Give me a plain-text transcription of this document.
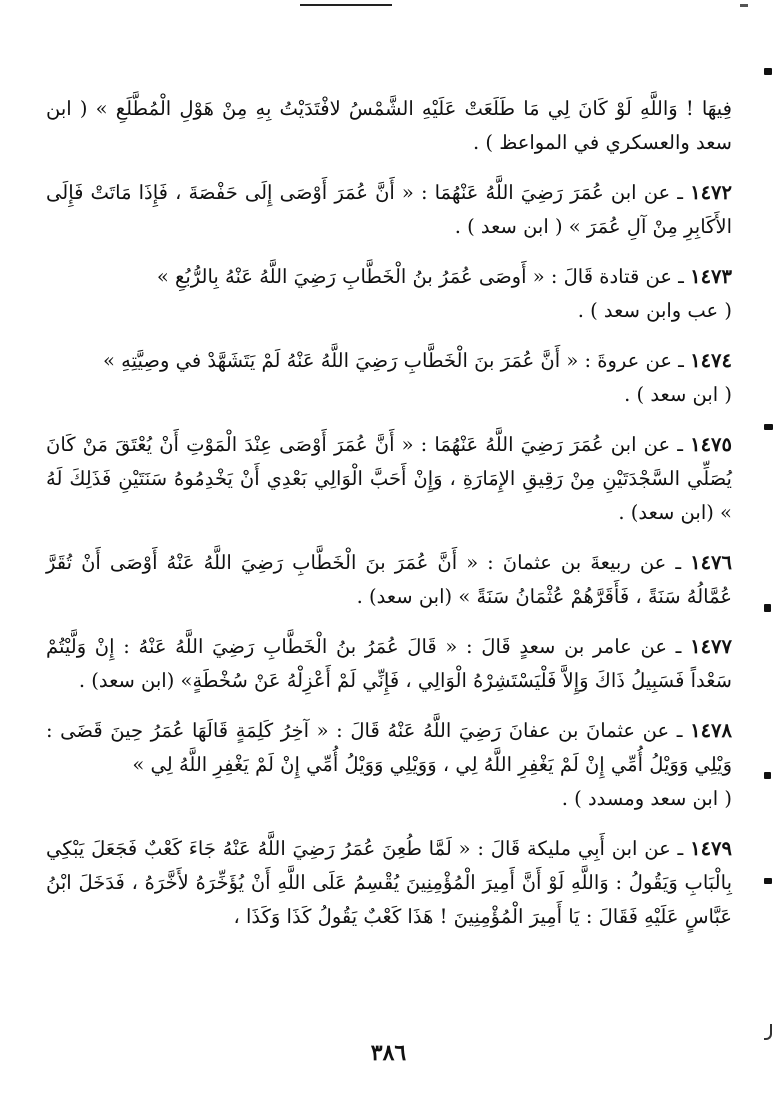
فِيهَا ! وَاللَّهِ لَوْ كَانَ لِي مَا طَلَعَتْ عَلَيْهِ الشَّمْسُ لافْتَدَيْتُ بِهِ مِنْ هَوْلِ الْمُطَّلَعِ » ( ابن سعد والعسكري في المواعظ ) .

١٤٧٢ ـ عن ابن عُمَرَ رَضِيَ اللَّهُ عَنْهُمَا : « أَنَّ عُمَرَ أَوْصَى إِلَى حَفْصَةَ ، فَإِذَا مَاتَتْ فَإِلَى الأَكَابِرِ مِنْ آلِ عُمَرَ » ( ابن سعد ) .

١٤٧٣ ـ عن قتادة قَالَ : « أَوصَى عُمَرُ بنُ الْخَطَّابِ رَضِيَ اللَّهُ عَنْهُ بِالرُّبُعِ »
( عب وابن سعد ) .

١٤٧٤ ـ عن عروةَ : « أَنَّ عُمَرَ بنَ الْخَطَّابِ رَضِيَ اللَّهُ عَنْهُ لَمْ يَتَشَهَّدْ في وصِيَّتِهِ »
( ابن سعد ) .

١٤٧٥ ـ عن ابن عُمَرَ رَضِيَ اللَّهُ عَنْهُمَا : « أَنَّ عُمَرَ أَوْصَى عِنْدَ الْمَوْتِ أَنْ يُعْتَقَ مَنْ كَانَ يُصَلِّي السَّجْدَتَيْنِ مِنْ رَقِيقِ الإِمَارَةِ ، وَإِنْ أَحَبَّ الْوَالِي بَعْدِي أَنْ يَخْدِمُوهُ سَنَتَيْنِ فَذَلِكَ لَهُ » (ابن سعد) .

١٤٧٦ ـ عن ربيعةَ بن عثمانَ : « أَنَّ عُمَرَ بنَ الْخَطَّابِ رَضِيَ اللَّهُ عَنْهُ أَوْصَى أَنْ تُقَرَّ عُمَّالُهُ سَنَةً ، فَأَقَرَّهُمْ عُثْمَانُ سَنَةً » (ابن سعد) .

١٤٧٧ ـ عن عامر بن سعدٍ قَالَ : « قَالَ عُمَرُ بنُ الْخَطَّابِ رَضِيَ اللَّهُ عَنْهُ : إِنْ وَلَّيْتُمْ سَعْداً فَسَبِيلُ ذَاكَ وَإِلاَّ فَلْيَسْتَشِرْهُ الْوَالِي ، فَإِنِّي لَمْ أَعْزِلْهُ عَنْ سُخْطَةٍ» (ابن سعد) .

١٤٧٨ ـ عن عثمانَ بن عفانَ رَضِيَ اللَّهُ عَنْهُ قَالَ : « آخِرُ كَلِمَةٍ قَالَهَا عُمَرُ حِينَ قَضَى : وَيْلِي وَوَيْلُ أُمِّي إِنْ لَمْ يَغْفِرِ اللَّهُ لِي ، وَوَيْلِي وَوَيْلُ أُمِّي إِنْ لَمْ يَغْفِرِ اللَّهُ لِي »
( ابن سعد ومسدد ) .

١٤٧٩ ـ عن ابن أَبِي مليكة قَالَ : « لَمَّا طُعِنَ عُمَرُ رَضِيَ اللَّهُ عَنْهُ جَاءَ كَعْبٌ فَجَعَلَ يَبْكِي بِالْبَابِ وَيَقُولُ : وَاللَّهِ لَوْ أَنَّ أَمِيرَ الْمُؤْمِنِينَ يُقْسِمُ عَلَى اللَّهِ أَنْ يُؤَخِّرَهُ لأَخَّرَهُ ، فَدَخَلَ ابْنُ عَبَّاسٍ عَلَيْهِ فَقَالَ : يَا أَمِيرَ الْمُؤْمِنِينَ ! هَذَا كَعْبٌ يَقُولُ كَذَا وَكَذَا ،

٣٨٦
